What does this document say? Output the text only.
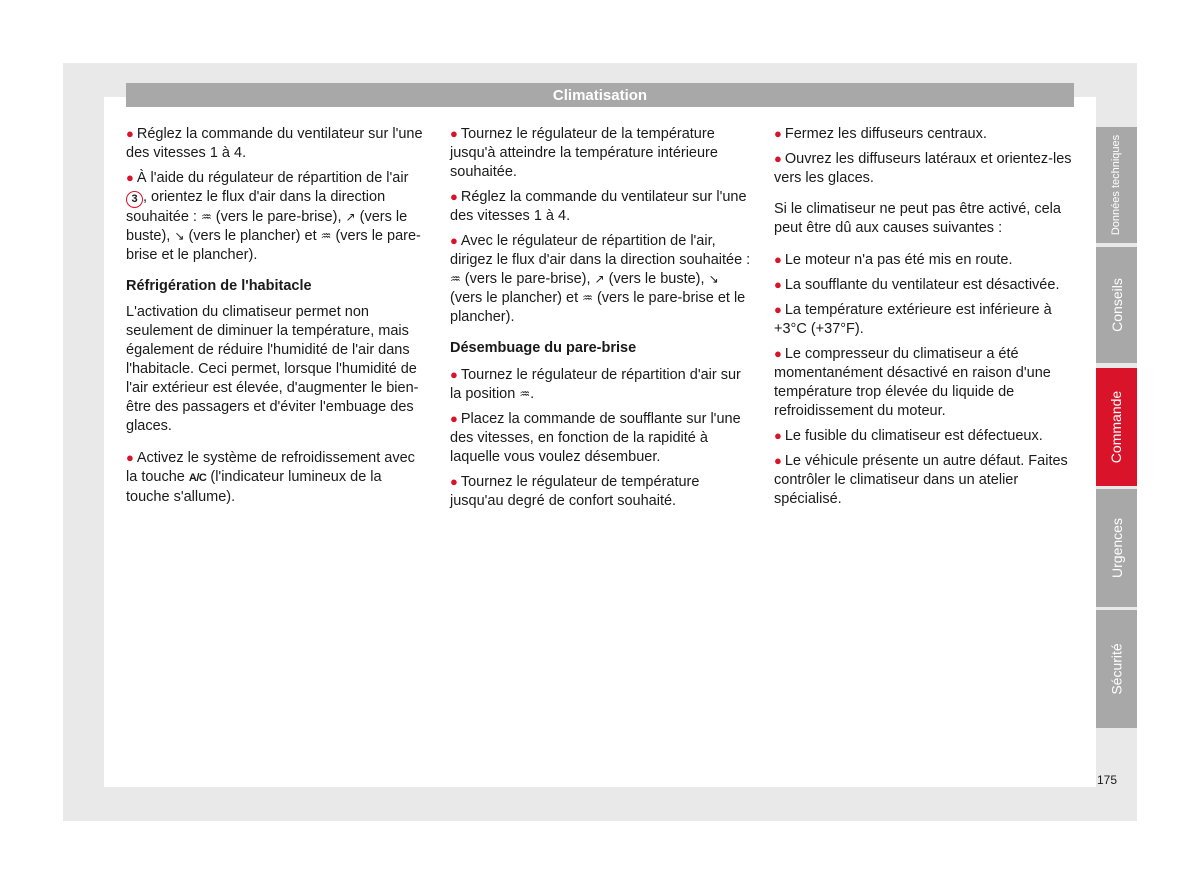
Climatisation

● Réglez la commande du ventilateur sur l'une des vitesses 1 à 4.

● À l'aide du régulateur de répartition de l'air 3 , orientez le flux d'air dans la direction souhaitée : ♒ (vers le pare-brise), ↗ (vers le buste), ↘ (vers le plancher) et ♒ (vers le pare-brise et le plancher).

Réfrigération de l'habitacle

L'activation du climatiseur permet non seulement de diminuer la température, mais également de réduire l'humidité de l'air dans l'habitacle. Ceci permet, lorsque l'humidité de l'air extérieur est élevée, d'augmenter le bien-être des passagers et d'éviter l'embuage des glaces.

● Activez le système de refroidissement avec la touche A/C (l'indicateur lumineux de la touche s'allume).

● Tournez le régulateur de la température jusqu'à atteindre la température intérieure souhaitée.

● Réglez la commande du ventilateur sur l'une des vitesses 1 à 4.

● Avec le régulateur de répartition de l'air, dirigez le flux d'air dans la direction souhaitée : ♒ (vers le pare-brise), ↗ (vers le buste), ↘ (vers le plancher) et ♒ (vers le pare-brise et le plancher).

Désembuage du pare-brise

● Tournez le régulateur de répartition d'air sur la position ♒.

● Placez la commande de soufflante sur l'une des vitesses, en fonction de la rapidité à laquelle vous voulez désembuer.

● Tournez le régulateur de température jusqu'au degré de confort souhaité.

● Fermez les diffuseurs centraux.

● Ouvrez les diffuseurs latéraux et orientez-les vers les glaces.

Si le climatiseur ne peut pas être activé, cela peut être dû aux causes suivantes :

● Le moteur n'a pas été mis en route.

● La soufflante du ventilateur est désactivée.

● La température extérieure est inférieure à +3°C (+37°F).

● Le compresseur du climatiseur a été momentanément désactivé en raison d'une température trop élevée du liquide de refroidissement du moteur.

● Le fusible du climatiseur est défectueux.

● Le véhicule présente un autre défaut. Faites contrôler le climatiseur dans un atelier spécialisé.

Données techniques
Conseils
Commande
Urgences
Sécurité
175
